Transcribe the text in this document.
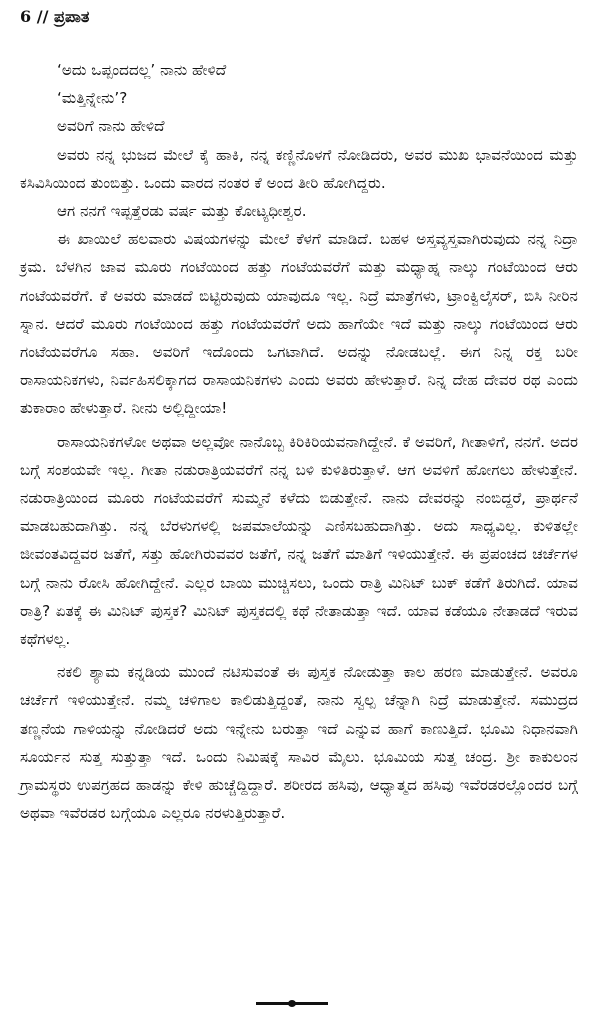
6 // ಪ್ರಪಾತ

‘ಅದು ಒಪ್ಪಂದದಲ್ಲ’ ನಾನು ಹೇಳಿದೆ

‘ಮತ್ತಿನ್ನೇನು’?

ಅವರಿಗೆ ನಾನು ಹೇಳಿದೆ

ಅವರು ನನ್ನ ಭುಜದ ಮೇಲೆ ಕೈ ಹಾಕಿ, ನನ್ನ ಕಣ್ಣಿನೊಳಗೆ ನೋಡಿದರು, ಅವರ ಮುಖ ಭಾವನೆಯಿಂದ ಮತ್ತು ಕಸಿವಿಸಿಯಿಂದ ತುಂಬಿತ್ತು. ಒಂದು ವಾರದ ನಂತರ ಕೆ ಅಂದ ತೀರಿ ಹೋಗಿದ್ದರು.

ಆಗ ನನಗೆ ಇಪ್ಪತ್ತೆರಡು ವರ್ಷ ಮತ್ತು ಕೋಟ್ಯಧೀಶ್ವರ.

ಈ ಖಾಯಿಲೆ ಹಲವಾರು ವಿಷಯಗಳನ್ನು ಮೇಲೆ ಕೆಳಗೆ ಮಾಡಿದೆ. ಬಹಳ ಅಸ್ತವ್ಯಸ್ತವಾಗಿರುವುದು ನನ್ನ ನಿದ್ರಾ ಕ್ರಮ. ಬೆಳಗಿನ ಜಾವ ಮೂರು ಗಂಟೆಯಿಂದ ಹತ್ತು ಗಂಟೆಯವರೆಗೆ ಮತ್ತು ಮಧ್ಯಾಹ್ನ ನಾಲ್ಕು ಗಂಟೆಯಿಂದ ಆರು ಗಂಟೆಯವರೆಗೆ. ಕೆ ಅವರು ಮಾಡದೆ ಬಿಟ್ಟಿರುವುದು ಯಾವುದೂ ಇಲ್ಲ. ನಿದ್ರೆ ಮಾತ್ರೆಗಳು, ಟ್ರಾಂಕ್ವಿಲೈಸರ್, ಬಿಸಿ ನೀರಿನ ಸ್ನಾನ. ಆದರೆ ಮೂರು ಗಂಟೆಯಿಂದ ಹತ್ತು ಗಂಟೆಯವರೆಗೆ ಅದು ಹಾಗೆಯೇ ಇದೆ ಮತ್ತು ನಾಲ್ಕು ಗಂಟೆಯಿಂದ ಆರು ಗಂಟೆಯವರೆಗೂ ಸಹಾ. ಅವರಿಗೆ ಇದೊಂದು ಒಗಟಾಗಿದೆ. ಅದನ್ನು ನೋಡಬಲ್ಲೆ. ಈಗ ನಿನ್ನ ರಕ್ತ ಬರೀ ರಾಸಾಯನಿಕಗಳು, ನಿರ್ವಹಿಸಲಿಕ್ಕಾಗದ ರಾಸಾಯನಿಕಗಳು ಎಂದು ಅವರು ಹೇಳುತ್ತಾರೆ. ನಿನ್ನ ದೇಹ ದೇವರ ರಥ ಎಂದು ತುಕಾರಾಂ ಹೇಳುತ್ತಾರೆ. ನೀನು ಅಲ್ಲಿದ್ದೀಯಾ!

ರಾಸಾಯನಿಕಗಳೋ ಅಥವಾ ಅಲ್ಲವೋ ನಾನೊಬ್ಬ ಕಿರಿಕಿರಿಯವನಾಗಿದ್ದೇನೆ. ಕೆ ಅವರಿಗೆ, ಗೀತಾಳಿಗೆ, ನನಗೆ. ಅದರ ಬಗ್ಗೆ ಸಂಶಯವೇ ಇಲ್ಲ. ಗೀತಾ ನಡುರಾತ್ರಿಯವರೆಗೆ ನನ್ನ ಬಳಿ ಕುಳಿತಿರುತ್ತಾಳೆ. ಆಗ ಅವಳಿಗೆ ಹೋಗಲು ಹೇಳುತ್ತೇನೆ. ನಡುರಾತ್ರಿಯಿಂದ ಮೂರು ಗಂಟೆಯವರೆಗೆ ಸುಮ್ಮನೆ ಕಳೆದು ಬಿಡುತ್ತೇನೆ. ನಾನು ದೇವರನ್ನು ನಂಬಿದ್ದರೆ, ಪ್ರಾರ್ಥನೆ ಮಾಡಬಹುದಾಗಿತ್ತು. ನನ್ನ ಬೆರಳುಗಳಲ್ಲಿ ಜಪಮಾಲೆಯನ್ನು ಎಣಿಸಬಹುದಾಗಿತ್ತು. ಅದು ಸಾಧ್ಯವಿಲ್ಲ. ಕುಳಿತಲ್ಲೇ ಜೀವಂತವಿದ್ದವರ ಜತೆಗೆ, ಸತ್ತು ಹೋಗಿರುವವರ ಜತೆಗೆ, ನನ್ನ ಜತೆಗೆ ಮಾತಿಗೆ ಇಳಿಯುತ್ತೇನೆ. ಈ ಪ್ರಪಂಚದ ಚರ್ಚೆಗಳ ಬಗ್ಗೆ ನಾನು ರೋಸಿ ಹೋಗಿದ್ದೇನೆ. ಎಲ್ಲರ ಬಾಯಿ ಮುಚ್ಚಿಸಲು, ಒಂದು ರಾತ್ರಿ ಮಿನಿಟ್ ಬುಕ್ ಕಡೆಗೆ ತಿರುಗಿದೆ. ಯಾವ ರಾತ್ರಿ? ಏತಕ್ಕೆ ಈ ಮಿನಿಟ್ ಪುಸ್ತಕ? ಮಿನಿಟ್ ಪುಸ್ತಕದಲ್ಲಿ ಕಥೆ ನೇತಾಡುತ್ತಾ ಇದೆ. ಯಾವ ಕಡೆಯೂ ನೇತಾಡದೆ ಇರುವ ಕಥೆಗಳಲ್ಲ.

ನಕಲಿ ಶ್ಯಾಮ ಕನ್ನಡಿಯ ಮುಂದೆ ನಟಿಸುವಂತೆ ಈ ಪುಸ್ತಕ ನೋಡುತ್ತಾ ಕಾಲ ಹರಣ ಮಾಡುತ್ತೇನೆ. ಅವರೂ ಚರ್ಚೆಗೆ ಇಳಿಯುತ್ತೇನೆ. ನಮ್ಮ ಚಳಿಗಾಲ ಕಾಲಿಡುತ್ತಿದ್ದಂತೆ, ನಾನು ಸ್ವಲ್ಪ ಚೆನ್ನಾಗಿ ನಿದ್ರೆ ಮಾಡುತ್ತೇನೆ. ಸಮುದ್ರದ ತಣ್ಣನೆಯ ಗಾಳಿಯನ್ನು ನೋಡಿದರೆ ಅದು ಇನ್ನೇನು ಬರುತ್ತಾ ಇದೆ ಎನ್ನುವ ಹಾಗೆ ಕಾಣುತ್ತಿದೆ. ಭೂಮಿ ನಿಧಾನವಾಗಿ ಸೂರ್ಯನ ಸುತ್ತ ಸುತ್ತುತ್ತಾ ಇದೆ. ಒಂದು ನಿಮಿಷಕ್ಕೆ ಸಾವಿರ ಮೈಲು. ಭೂಮಿಯ ಸುತ್ತ ಚಂದ್ರ. ಶ್ರೀ ಕಾಕುಲಂನ ಗ್ರಾಮಸ್ಥರು ಉಪಗ್ರಹದ ಹಾಡನ್ನು ಕೇಳಿ ಹುಚ್ಚೆದ್ದಿದ್ದಾರೆ. ಶರೀರದ ಹಸಿವು, ಆಧ್ಯಾತ್ಮದ ಹಸಿವು ಇವೆರಡರಲ್ಲೊಂದರ ಬಗ್ಗೆ ಅಥವಾ ಇವೆರಡರ ಬಗ್ಗೆಯೂ ಎಲ್ಲರೂ ನರಳುತ್ತಿರುತ್ತಾರೆ.
